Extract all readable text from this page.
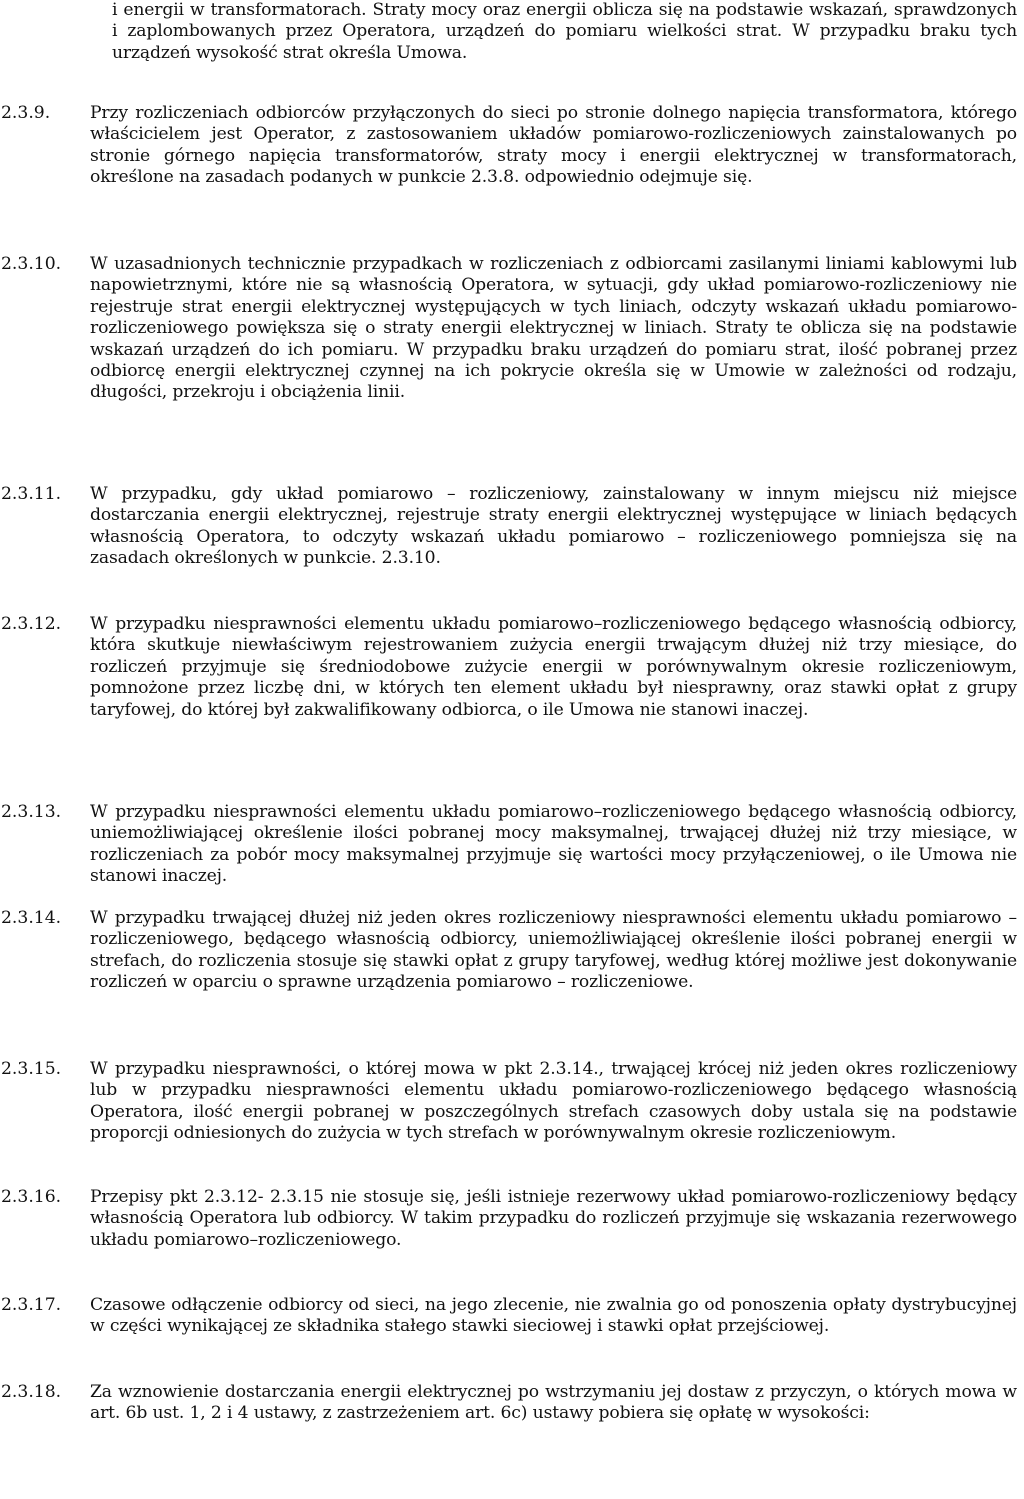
i energii w transformatorach. Straty mocy oraz energii oblicza się na podstawie wskazań, sprawdzonych i zaplombowanych przez Operatora, urządzeń do pomiaru wielkości strat. W przypadku braku tych urządzeń wysokość strat określa Umowa.
2.3.9. Przy rozliczeniach odbiorców przyłączonych do sieci po stronie dolnego napięcia transformatora, którego właścicielem jest Operator, z zastosowaniem układów pomiarowo-rozliczeniowych zainstalowanych po stronie górnego napięcia transformatorów, straty mocy i energii elektrycznej w transformatorach, określone na zasadach podanych w punkcie 2.3.8. odpowiednio odejmuje się.
2.3.10. W uzasadnionych technicznie przypadkach w rozliczeniach z odbiorcami zasilanymi liniami kablowymi lub napowietrznymi, które nie są własnością Operatora, w sytuacji, gdy układ pomiarowo-rozliczeniowy nie rejestruje strat energii elektrycznej występujących w tych liniach, odczyty wskazań układu pomiarowo-rozliczeniowego powiększa się o straty energii elektrycznej w liniach. Straty te oblicza się na podstawie wskazań urządzeń do ich pomiaru. W przypadku braku urządzeń do pomiaru strat, ilość pobranej przez odbiorcę energii elektrycznej czynnej na ich pokrycie określa się w Umowie w zależności od rodzaju, długości, przekroju i obciążenia linii.
2.3.11. W przypadku, gdy układ pomiarowo – rozliczeniowy, zainstalowany w innym miejscu niż miejsce dostarczania energii elektrycznej, rejestruje straty energii elektrycznej występujące w liniach będących własnością Operatora, to odczyty wskazań układu pomiarowo – rozliczeniowego pomniejsza się na zasadach określonych w punkcie. 2.3.10.
2.3.12. W przypadku niesprawności elementu układu pomiarowo–rozliczeniowego będącego własnością odbiorcy, która skutkuje niewłaściwym rejestrowaniem zużycia energii trwającym dłużej niż trzy miesiące, do rozliczeń przyjmuje się średniodobowe zużycie energii w porównywalnym okresie rozliczeniowym, pomnożone przez liczbę dni, w których ten element układu był niesprawny, oraz stawki opłat z grupy taryfowej, do której był zakwalifikowany odbiorca, o ile Umowa nie stanowi inaczej.
2.3.13. W przypadku niesprawności elementu układu pomiarowo–rozliczeniowego będącego własnością odbiorcy, uniemożliwiającej określenie ilości pobranej mocy maksymalnej, trwającej dłużej niż trzy miesiące, w rozliczeniach za pobór mocy maksymalnej przyjmuje się wartości mocy przyłączeniowej, o ile Umowa nie stanowi inaczej.
2.3.14. W przypadku trwającej dłużej niż jeden okres rozliczeniowy niesprawności elementu układu pomiarowo – rozliczeniowego, będącego własnością odbiorcy, uniemożliwiającej określenie ilości pobranej energii w strefach, do rozliczenia stosuje się stawki opłat z grupy taryfowej, według której możliwe jest dokonywanie rozliczeń w oparciu o sprawne urządzenia pomiarowo – rozliczeniowe.
2.3.15. W przypadku niesprawności, o której mowa w pkt 2.3.14., trwającej krócej niż jeden okres rozliczeniowy lub w przypadku niesprawności elementu układu pomiarowo-rozliczeniowego będącego własnością Operatora, ilość energii pobranej w poszczególnych strefach czasowych doby ustala się na podstawie proporcji odniesionych do zużycia w tych strefach w porównywalnym okresie rozliczeniowym.
2.3.16. Przepisy pkt 2.3.12- 2.3.15 nie stosuje się, jeśli istnieje rezerwowy układ pomiarowo-rozliczeniowy będący własnością Operatora lub odbiorcy. W takim przypadku do rozliczeń przyjmuje się wskazania rezerwowego układu pomiarowo–rozliczeniowego.
2.3.17. Czasowe odłączenie odbiorcy od sieci, na jego zlecenie, nie zwalnia go od ponoszenia opłaty dystrybucyjnej w części wynikającej ze składnika stałego stawki sieciowej i stawki opłat przejściowej.
2.3.18. Za wznowienie dostarczania energii elektrycznej po wstrzymaniu jej dostaw z przyczyn, o których mowa w art. 6b ust. 1, 2 i 4 ustawy, z zastrzeżeniem art. 6c) ustawy pobiera się opłatę w wysokości:
